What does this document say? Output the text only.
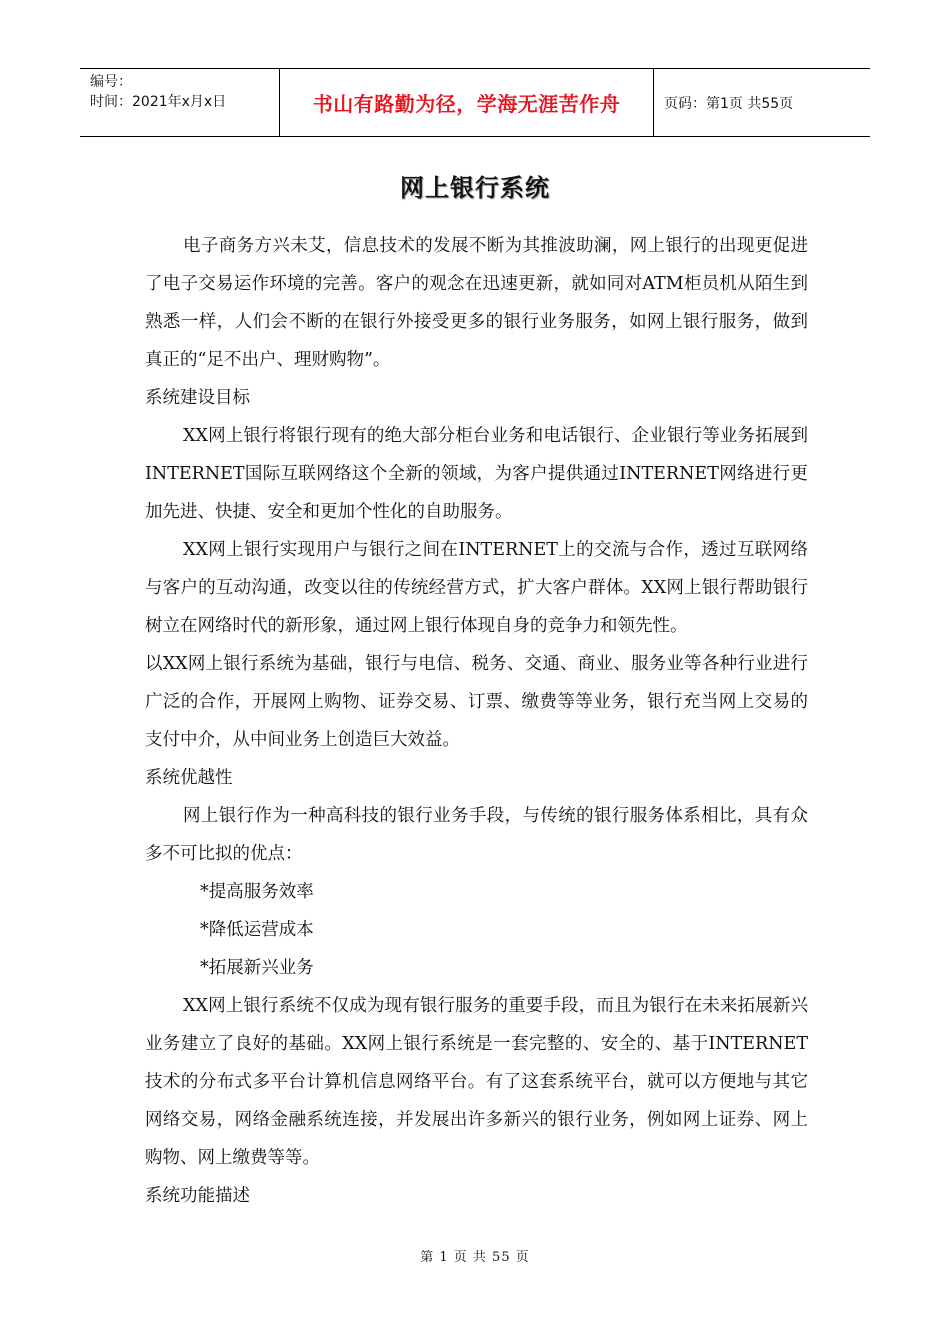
编号：
时间：2021年x月x日	书山有路勤为径，学海无涯苦作舟	页码：第1页 共55页
网上银行系统

电子商务方兴未艾，信息技术的发展不断为其推波助澜，网上银行的出现更促进了电子交易运作环境的完善。客户的观念在迅速更新，就如同对ATM柜员机从陌生到熟悉一样，人们会不断的在银行外接受更多的银行业务服务，如网上银行服务，做到真正的“足不出户、理财购物”。

系统建设目标

XX网上银行将银行现有的绝大部分柜台业务和电话银行、企业银行等业务拓展到INTERNET国际互联网络这个全新的领域，为客户提供通过INTERNET网络进行更加先进、快捷、安全和更加个性化的自助服务。

XX网上银行实现用户与银行之间在INTERNET上的交流与合作，透过互联网络与客户的互动沟通，改变以往的传统经营方式，扩大客户群体。XX网上银行帮助银行树立在网络时代的新形象，通过网上银行体现自身的竞争力和领先性。

以XX网上银行系统为基础，银行与电信、税务、交通、商业、服务业等各种行业进行广泛的合作，开展网上购物、证券交易、订票、缴费等等业务，银行充当网上交易的支付中介，从中间业务上创造巨大效益。

系统优越性

网上银行作为一种高科技的银行业务手段，与传统的银行服务体系相比，具有众多不可比拟的优点：

*提高服务效率

*降低运营成本

*拓展新兴业务

XX网上银行系统不仅成为现有银行服务的重要手段，而且为银行在未来拓展新兴业务建立了良好的基础。XX网上银行系统是一套完整的、安全的、基于INTERNET技术的分布式多平台计算机信息网络平台。有了这套系统平台，就可以方便地与其它网络交易，网络金融系统连接，并发展出许多新兴的银行业务，例如网上证券、网上购物、网上缴费等等。

系统功能描述

第 1 页 共 55 页
